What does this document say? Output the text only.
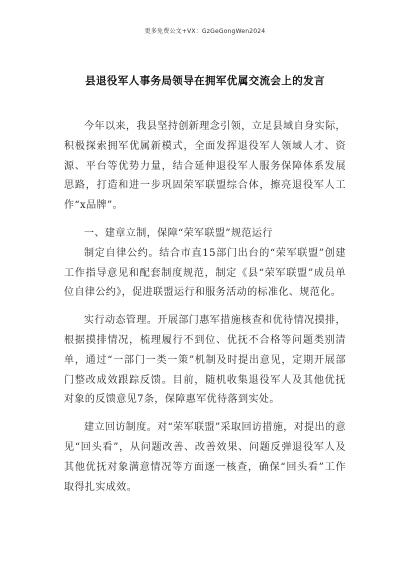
更多免费公文+VX：GzGeGongWen2024
县退役军人事务局领导在拥军优属交流会上的发言

今年以来，我县坚持创新理念引领，立足县域自身实际，积极探索拥军优属新模式，全面发挥退役军人领域人才、资源、平台等优势力量，结合延伸退役军人服务保障体系发展思路，打造和进一步巩固荣军联盟综合体，擦亮退役军人工作“x品牌”。

一、建章立制，保障“荣军联盟”规范运行

制定自律公约。结合市直15部门出台的“荣军联盟”创建工作指导意见和配套制度规范，制定《县“荣军联盟”成员单位自律公约》，促进联盟运行和服务活动的标准化、规范化。

实行动态管理。开展部门惠军措施核查和优待情况摸排，根据摸排情况，梳理履行不到位、优抚不合格等问题类别清单，通过“一部门一类一策”机制及时提出意见，定期开展部门整改成效跟踪反馈。目前，随机收集退役军人及其他优抚对象的反馈意见7条，保障惠军优待落到实处。

建立回访制度。对“荣军联盟”采取回访措施，对提出的意见“回头看”，从问题改善、改善效果、问题反弹退役军人及其他优抚对象满意情况等方面逐一核查，确保“回头看”工作取得扎实成效。
